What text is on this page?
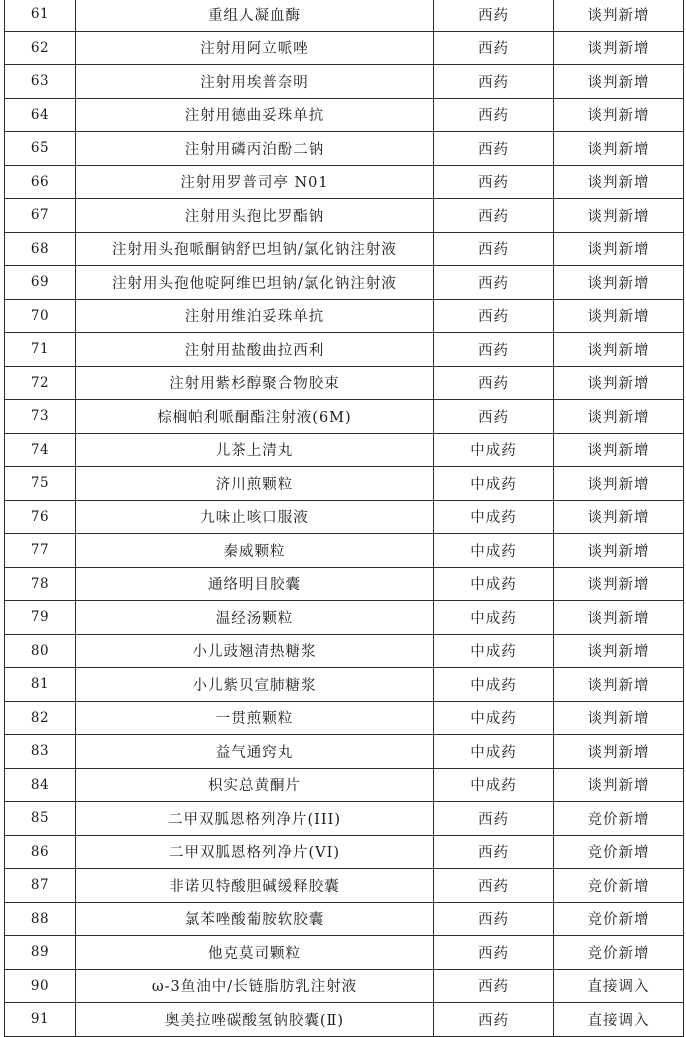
61	重组人凝血酶	西药	谈判新增
62	注射用阿立哌唑	西药	谈判新增
63	注射用埃普奈明	西药	谈判新增
64	注射用德曲妥珠单抗	西药	谈判新增
65	注射用磷丙泊酚二钠	西药	谈判新增
66	注射用罗普司亭 N01	西药	谈判新增
67	注射用头孢比罗酯钠	西药	谈判新增
68	注射用头孢哌酮钠舒巴坦钠/氯化钠注射液	西药	谈判新增
69	注射用头孢他啶阿维巴坦钠/氯化钠注射液	西药	谈判新增
70	注射用维泊妥珠单抗	西药	谈判新增
71	注射用盐酸曲拉西利	西药	谈判新增
72	注射用紫杉醇聚合物胶束	西药	谈判新增
73	棕榈帕利哌酮酯注射液(6M)	西药	谈判新增
74	儿茶上清丸	中成药	谈判新增
75	济川煎颗粒	中成药	谈判新增
76	九味止咳口服液	中成药	谈判新增
77	秦威颗粒	中成药	谈判新增
78	通络明目胶囊	中成药	谈判新增
79	温经汤颗粒	中成药	谈判新增
80	小儿豉翘清热糖浆	中成药	谈判新增
81	小儿紫贝宣肺糖浆	中成药	谈判新增
82	一贯煎颗粒	中成药	谈判新增
83	益气通窍丸	中成药	谈判新增
84	枳实总黄酮片	中成药	谈判新增
85	二甲双胍恩格列净片(III)	西药	竞价新增
86	二甲双胍恩格列净片(VI)	西药	竞价新增
87	非诺贝特酸胆碱缓释胶囊	西药	竞价新增
88	氯苯唑酸葡胺软胶囊	西药	竞价新增
89	他克莫司颗粒	西药	竞价新增
90	ω-3鱼油中/长链脂肪乳注射液	西药	直接调入
91	奥美拉唑碳酸氢钠胶囊(Ⅱ)	西药	直接调入
